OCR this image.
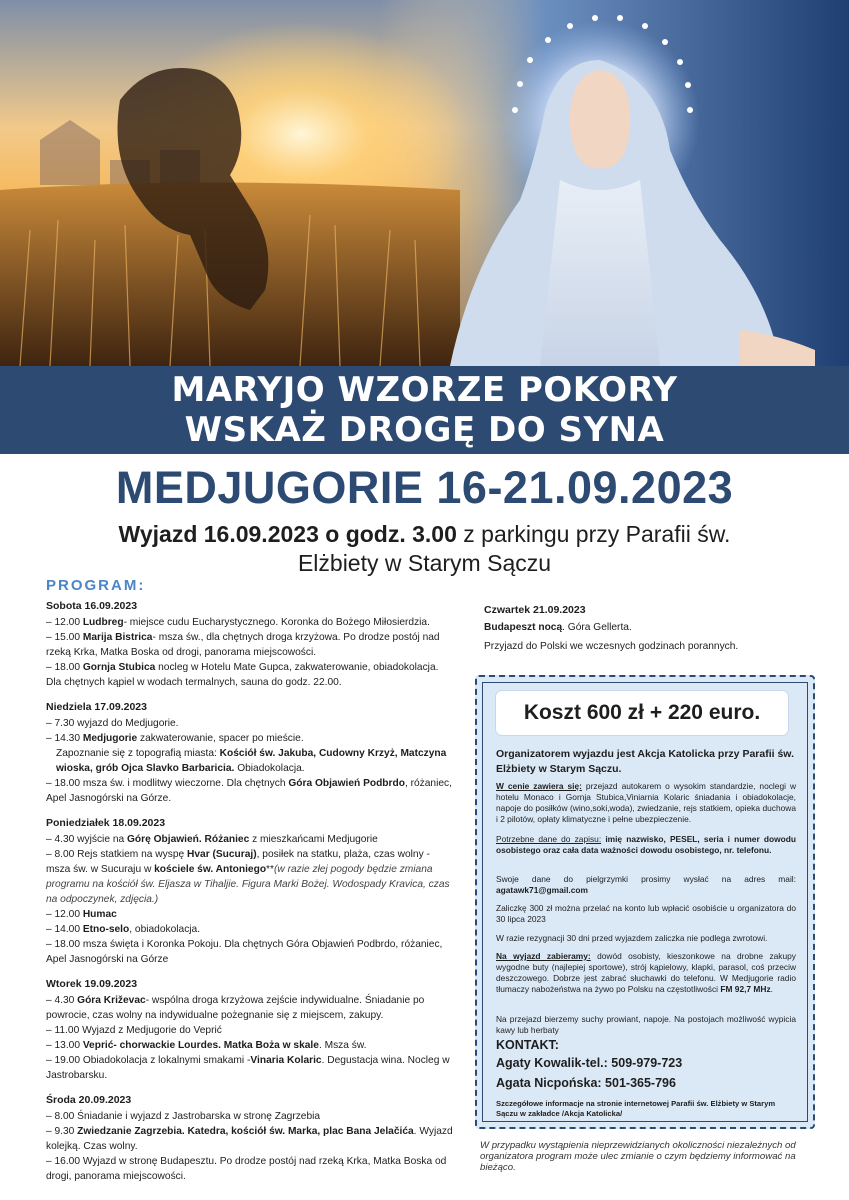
MARYJO WZORZE POKORY
WSKAŻ DROGĘ DO SYNA
MEDJUGORIE 16-21.09.2023
Wyjazd 16.09.2023 o godz. 3.00 z parkingu przy Parafii św.
Elżbiety w Starym Sączu
PROGRAM:
Sobota 16.09.2023
– 12.00 Ludbreg- miejsce cudu Eucharystycznego. Koronka do Bożego Miłosierdzia.
– 15.00 Marija Bistrica- msza św., dla chętnych droga krzyżowa. Po drodze postój nad rzeką Krka, Matka Boska od drogi, panorama miejscowości.
– 18.00 Gornja Stubica nocleg w Hotelu Mate Gupca, zakwaterowanie, obiadokolacja. Dla chętnych kąpiel w wodach termalnych, sauna do godz. 22.00.
Niedziela 17.09.2023
– 7.30 wyjazd do Medjugorie.
– 14.30 Medjugorie zakwaterowanie, spacer po mieście.
Zapoznanie się z topografią miasta: Kościół św. Jakuba, Cudowny Krzyż, Matczyna wioska, grób Ojca Slavko Barbaricia. Obiadokolacja.
– 18.00 msza św. i modlitwy wieczorne. Dla chętnych Góra Objawień Podbrdo, różaniec, Apel Jasnogórski na Górze.
Poniedziałek 18.09.2023
– 4.30 wyjście na Górę Objawień. Różaniec z mieszkańcami Medjugorie
– 8.00 Rejs statkiem na wyspę Hvar (Sucuraj), posiłek na statku, plaża, czas wolny - msza św. w Sucuraju w kościele św. Antoniego**(w razie złej pogody będzie zmiana programu na kościół św. Eljasza w Tihaljie. Figura Marki Bożej. Wodospady Kravica, czas na odpoczynek, zdjęcia.)
– 12.00 Humac
– 14.00 Etno-selo, obiadokolacja.
– 18.00 msza święta i Koronka Pokoju. Dla chętnych Góra Objawień Podbrdo, różaniec, Apel Jasnogórski na Górze
Wtorek 19.09.2023
– 4.30 Góra Križevac- wspólna droga krzyżowa zejście indywidualne. Śniadanie po powrocie, czas wolny na indywidualne pożegnanie się z miejscem, zakupy.
– 11.00 Wyjazd z Medjugorie do Veprić
– 13.00 Veprić- chorwackie Lourdes. Matka Boża w skale. Msza św.
– 19.00 Obiadokolacja z lokalnymi smakami -Vinaria Kolaric. Degustacja wina. Nocleg w Jastrobarsku.
Środa 20.09.2023
– 8.00 Śniadanie i wyjazd z Jastrobarska w stronę Zagrzebia
– 9.30 Zwiedzanie Zagrzebia. Katedra, kościół św. Marka, plac Bana Jelačića. Wyjazd kolejką. Czas wolny.
– 16.00 Wyjazd w stronę Budapesztu. Po drodze postój nad rzeką Krka, Matka Boska od drogi, panorama miejscowości.
Czwartek 21.09.2023
Budapeszt nocą. Góra Gellerta.
Przyjazd do Polski we wczesnych godzinach porannych.
Koszt 600 zł + 220 euro.
Organizatorem wyjazdu jest Akcja Katolicka przy Parafii św. Elżbiety w Starym Sączu.
W cenie zawiera się: przejazd autokarem o wysokim standardzie, noclegi w hotelu Monaco i Gornja Stubica,Viniarnia Kolaric śniadania i obiadokolacje, napoje do posiłków (wino,soki,woda), zwiedzanie, rejs statkiem, opieka duchowa i 2 pilotów, opłaty klimatyczne i pełne ubezpieczenie.
Potrzebne dane do zapisu: imię nazwisko, PESEL, seria i numer dowodu osobistego oraz cała data ważności dowodu osobistego, nr. telefonu.
Swoje dane do pielgrzymki prosimy wysłać na adres mail: agatawk71@gmail.com
Zaliczkę 300 zł można przelać na konto lub wpłacić osobiście u organizatora do 30 lipca 2023
W razie rezygnacji 30 dni przed wyjazdem zaliczka nie podlega zwrotowi.
Na wyjazd zabieramy: dowód osobisty, kieszonkowe na drobne zakupy wygodne buty (najlepiej sportowe), strój kąpielowy, klapki, parasol, coś przeciw deszczowego. Dobrze jest zabrać słuchawki do telefonu. W Medjugorie radio tłumaczy nabożeństwa na żywo po Polsku na częstotliwości FM 92,7 MHz.
Na przejazd bierzemy suchy prowiant, napoje. Na postojach możliwość wypicia kawy lub herbaty
KONTAKT:
Agaty Kowalik-tel.: 509-979-723
Agata Nicpońska: 501-365-796
Szczegółowe informacje na stronie internetowej Parafii św. Elżbiety w Starym Sączu w zakładce /Akcja Katolicka/
W przypadku wystąpienia nieprzewidzianych okoliczności niezależnych od organizatora program może ulec zmianie o czym będziemy informować na bieżąco.
